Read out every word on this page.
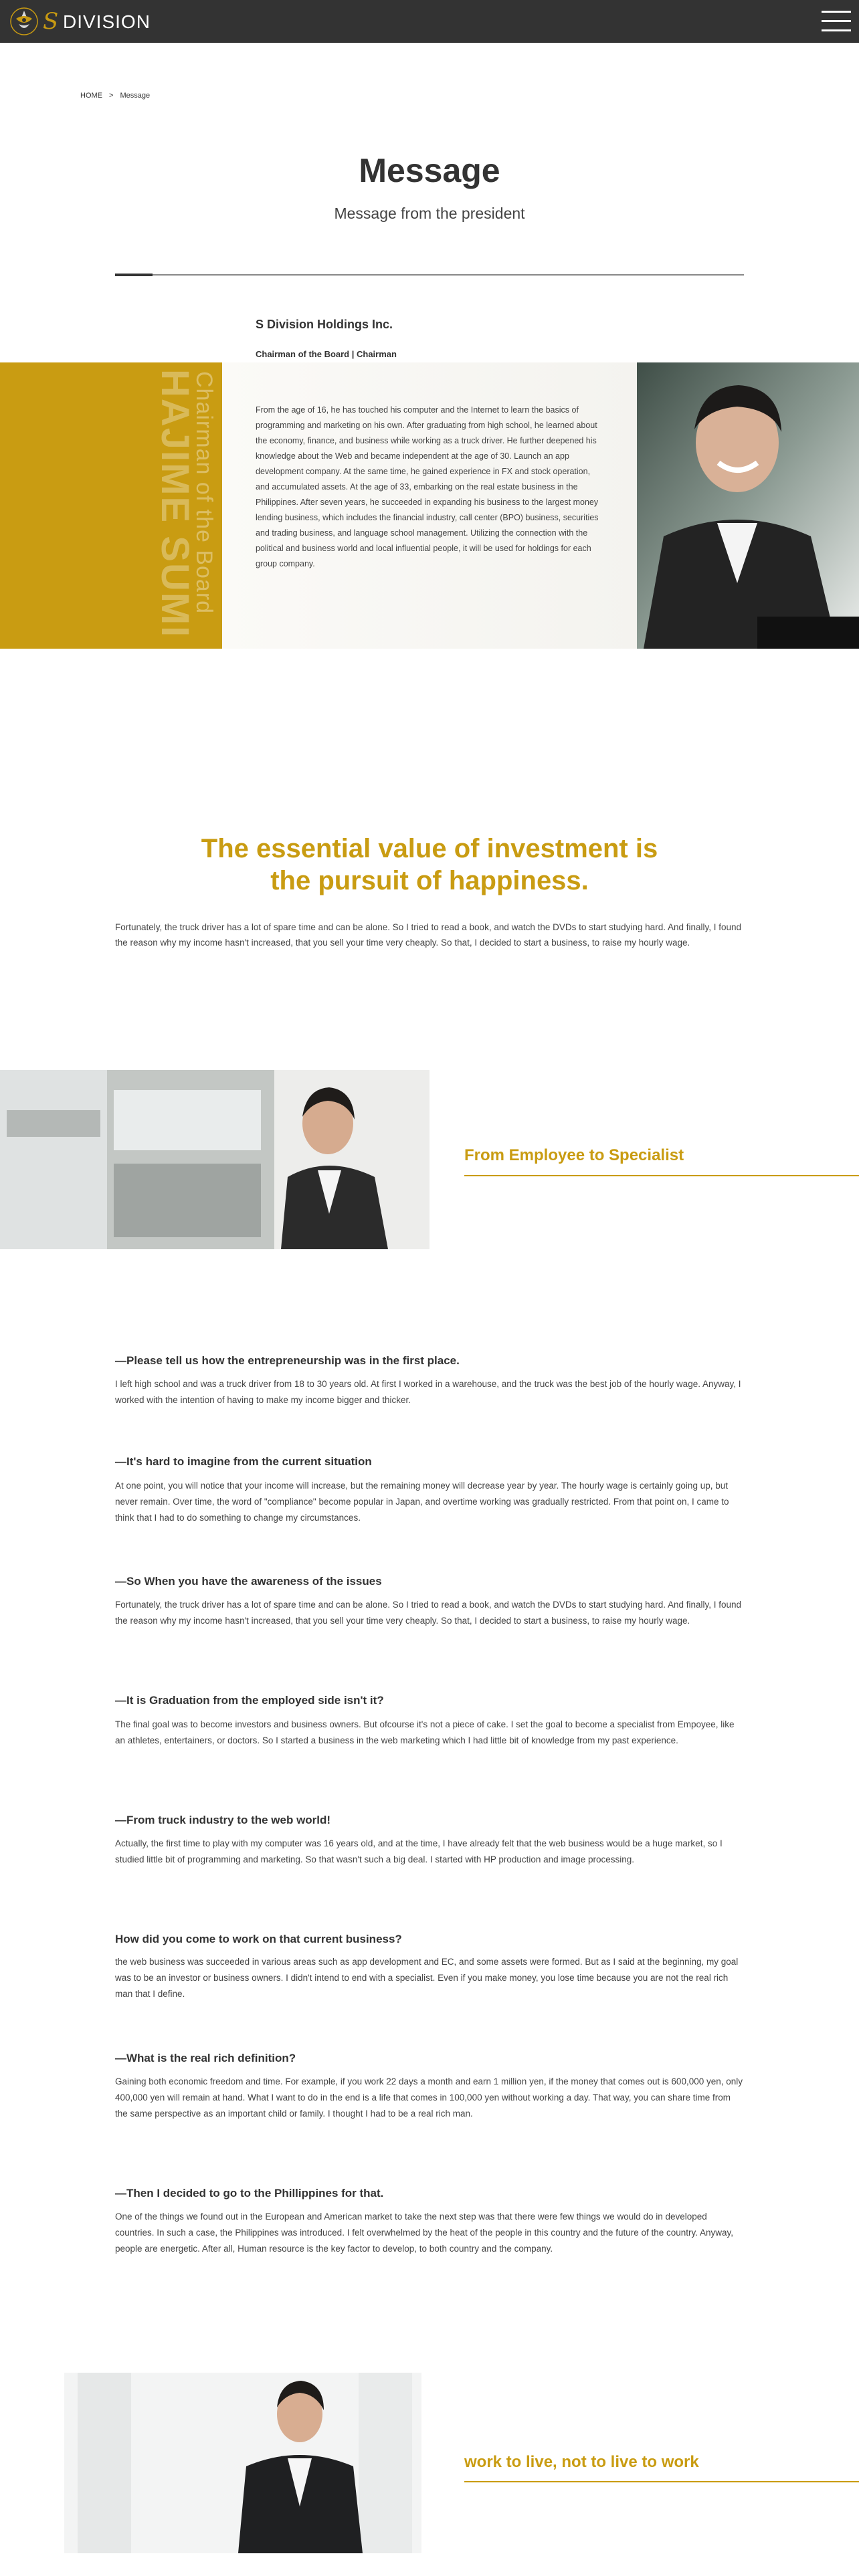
S DIVISION
HOME > Message
Message
Message from the president
S Division Holdings Inc.
Chairman of the Board | Chairman
Chairman of the Board
HAJIME SUMI	From the age of 16, he has touched his computer and the Internet to learn the basics of programming and marketing on his own. After graduating from high school, he learned about the economy, finance, and business while working as a truck driver. He further deepened his knowledge about the Web and became independent at the age of 30. Launch an app development company. At the same time, he gained experience in FX and stock operation, and accumulated assets. At the age of 33, embarking on the real estate business in the Philippines. After seven years, he succeeded in expanding his business to the largest money lending business, which includes the financial industry, call center (BPO) business, securities and trading business, and language school management. Utilizing the connection with the political and business world and local influential people, it will be used for holdings for each group company.

The essential value of investment is
the pursuit of happiness.

Fortunately, the truck driver has a lot of spare time and can be alone. So I tried to read a book, and watch the DVDs to start studying hard. And finally, I found the reason why my income hasn't increased, that you sell your time very cheaply. So that, I decided to start a business, to raise my hourly wage.

From Employee to Specialist
—Please tell us how the entrepreneurship was in the first place.

I left high school and was a truck driver from 18 to 30 years old. At first I worked in a warehouse, and the truck was the best job of the hourly wage. Anyway, I worked with the intention of having to make my income bigger and thicker.

—It's hard to imagine from the current situation

At one point, you will notice that your income will increase, but the remaining money will decrease year by year. The hourly wage is certainly going up, but never remain. Over time, the word of "compliance" become popular in Japan, and overtime working was gradually restricted. From that point on, I came to think that I had to do something to change my circumstances.

—So When you have the awareness of the issues

Fortunately, the truck driver has a lot of spare time and can be alone. So I tried to read a book, and watch the DVDs to start studying hard. And finally, I found the reason why my income hasn't increased, that you sell your time very cheaply. So that, I decided to start a business, to raise my hourly wage.

—It is Graduation from the employed side isn't it?

The final goal was to become investors and business owners. But ofcourse it's not a piece of cake. I set the goal to become a specialist from Empoyee, like an athletes, entertainers, or doctors. So I started a business in the web marketing which I had little bit of knowledge from my past experience.

—From truck industry to the web world!

Actually, the first time to play with my computer was 16 years old, and at the time, I have already felt that the web business would be a huge market, so I studied little bit of programming and marketing. So that wasn't such a big deal. I started with HP production and image processing.

How did you come to work on that current business?

the web business was succeeded in various areas such as app development and EC, and some assets were formed. But as I said at the beginning, my goal was to be an investor or business owners. I didn't intend to end with a specialist. Even if you make money, you lose time because you are not the real rich man that I define.

—What is the real rich definition?

Gaining both economic freedom and time. For example, if you work 22 days a month and earn 1 million yen, if the money that comes out is 600,000 yen, only 400,000 yen will remain at hand. What I want to do in the end is a life that comes in 100,000 yen without working a day. That way, you can share time from the same perspective as an important child or family. I thought I had to be a real rich man.

—Then I decided to go to the Phillippines for that.

One of the things we found out in the European and American market to take the next step was that there were few things we would do in developed countries. In such a case, the Philippines was introduced. I felt overwhelmed by the heat of the people in this country and the future of the country. Anyway, people are energetic. After all, Human resource is the key factor to develop, to both country and the company.

work to live, not to live to work
